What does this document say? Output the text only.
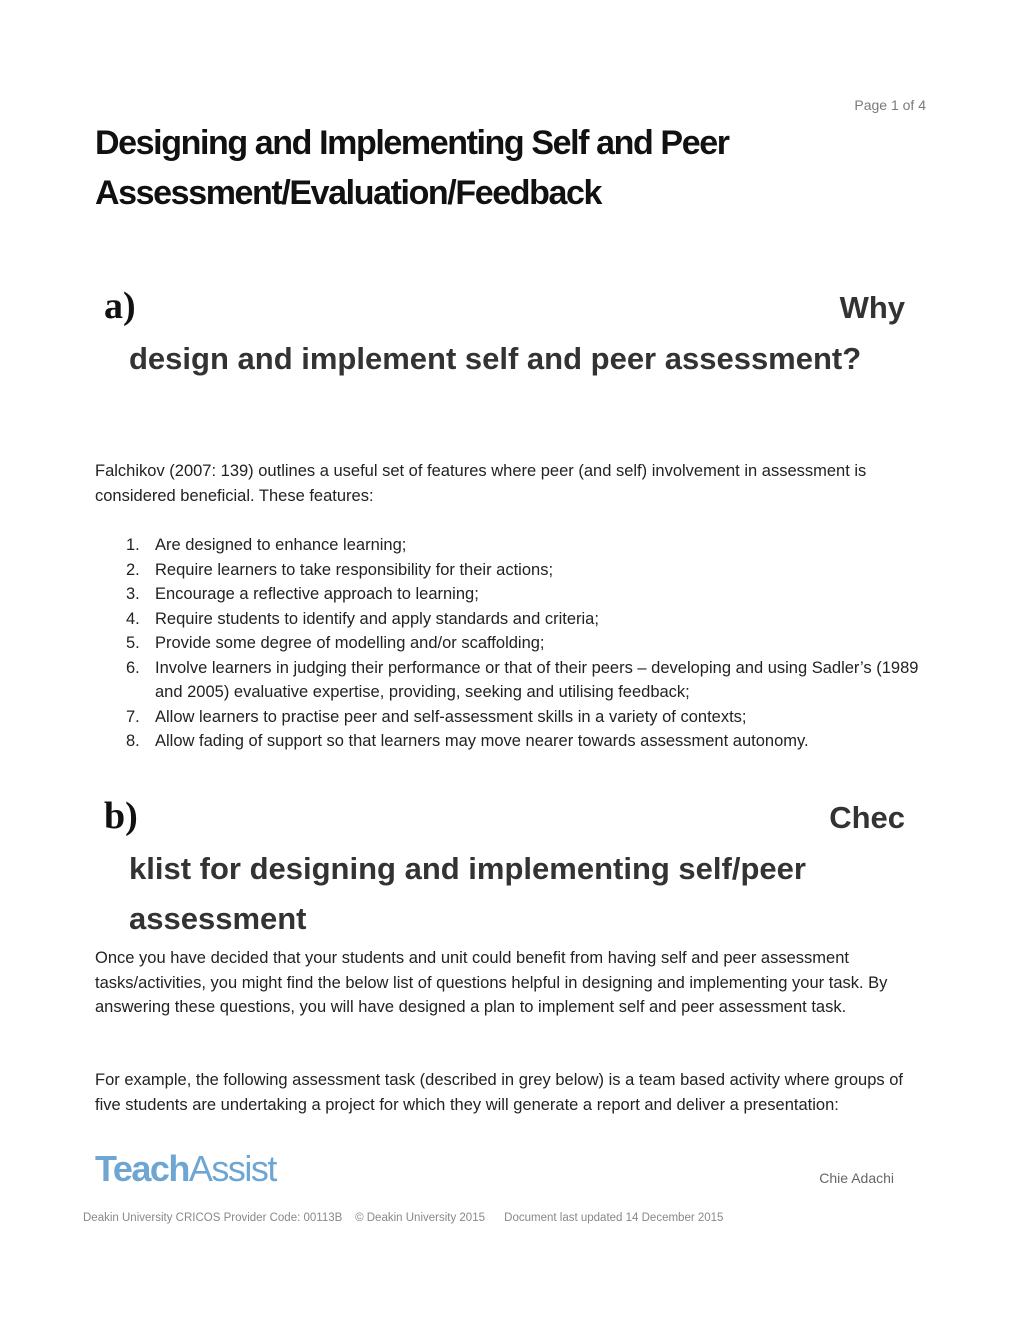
Page 1 of 4
Designing and Implementing Self and Peer Assessment/Evaluation/Feedback
a)	Why
design and implement self and peer assessment?

Falchikov (2007: 139) outlines a useful set of features where peer (and self) involvement in assessment is considered beneficial. These features:

1. Are designed to enhance learning;
2. Require learners to take responsibility for their actions;
3. Encourage a reflective approach to learning;
4. Require students to identify and apply standards and criteria;
5. Provide some degree of modelling and/or scaffolding;
6. Involve learners in judging their performance or that of their peers – developing and using Sadler’s (1989 and 2005) evaluative expertise, providing, seeking and utilising feedback;
7. Allow learners to practise peer and self-assessment skills in a variety of contexts;
8. Allow fading of support so that learners may move nearer towards assessment autonomy.
b)	Chec
klist for designing and implementing self/peer assessment

Once you have decided that your students and unit could benefit from having self and peer assessment tasks/activities, you might find the below list of questions helpful in designing and implementing your task. By answering these questions, you will have designed a plan to implement self and peer assessment task.

For example, the following assessment task (described in grey below) is a team based activity where groups of five students are undertaking a project for which they will generate a report and deliver a presentation:

TeachAssist	Chie Adachi
Deakin University CRICOS Provider Code: 00113B © Deakin University 2015 Document last updated 14 December 2015
